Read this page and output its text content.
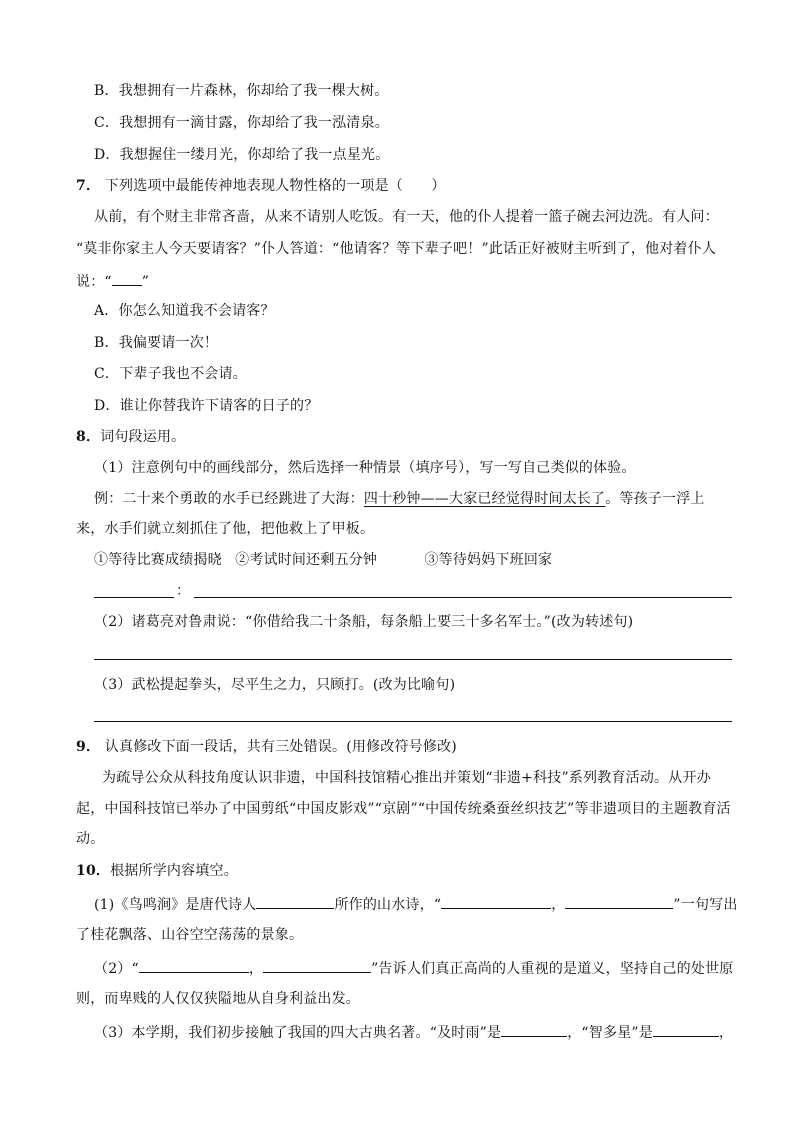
B．我想拥有一片森林，你却给了我一棵大树。
C．我想拥有一滴甘露，你却给了我一泓清泉。
D．我想握住一缕月光，你却给了我一点星光。
7． 下列选项中最能传神地表现人物性格的一项是（　　）
从前，有个财主非常吝啬，从来不请别人吃饭。有一天，他的仆人提着一篮子碗去河边洗。有人问：
“莫非你家主人今天要请客？”仆人答道：“他请客？等下辈子吧！”此话正好被财主听到了，他对着仆人
说：“ ”
A．你怎么知道我不会请客？
B．我偏要请一次！
C．下辈子我也不会请。
D．谁让你替我许下请客的日子的？
8．词句段运用。
（1）注意例句中的画线部分，然后选择一种情景（填序号），写一写自己类似的体验。
例：二十来个勇敢的水手已经跳进了大海：四十秒钟——大家已经觉得时间太长了。等孩子一浮上
来，水手们就立刻抓住了他，把他救上了甲板。
①等待比赛成绩揭晓 ②考试时间还剩五分钟	③等待妈妈下班回家
：
（2）诸葛亮对鲁肃说：“你借给我二十条船，每条船上要三十多名军士。”(改为转述句)
（3）武松提起拳头，尽平生之力，只顾打。(改为比喻句)
9． 认真修改下面一段话，共有三处错误。(用修改符号修改)
为疏导公众从科技角度认识非遗，中国科技馆精心推出并策划“非遗+科技”系列教育活动。从开办
起，中国科技馆已举办了中国剪纸“中国皮影戏”“京剧”“中国传统桑蚕丝织技艺”等非遗项目的主题教育活
动。
10．根据所学内容填空。
(1)《鸟鸣涧》是唐代诗人	所作的山水诗，“	，	”一句写出
了桂花飘落、山谷空空荡荡的景象。
（2）“	，	”告诉人们真正高尚的人重视的是道义，坚持自己的处世原
则，而卑贱的人仅仅狭隘地从自身利益出发。
（3）本学期，我们初步接触了我国的四大古典名著。“及时雨”是	，“智多星”是	，
